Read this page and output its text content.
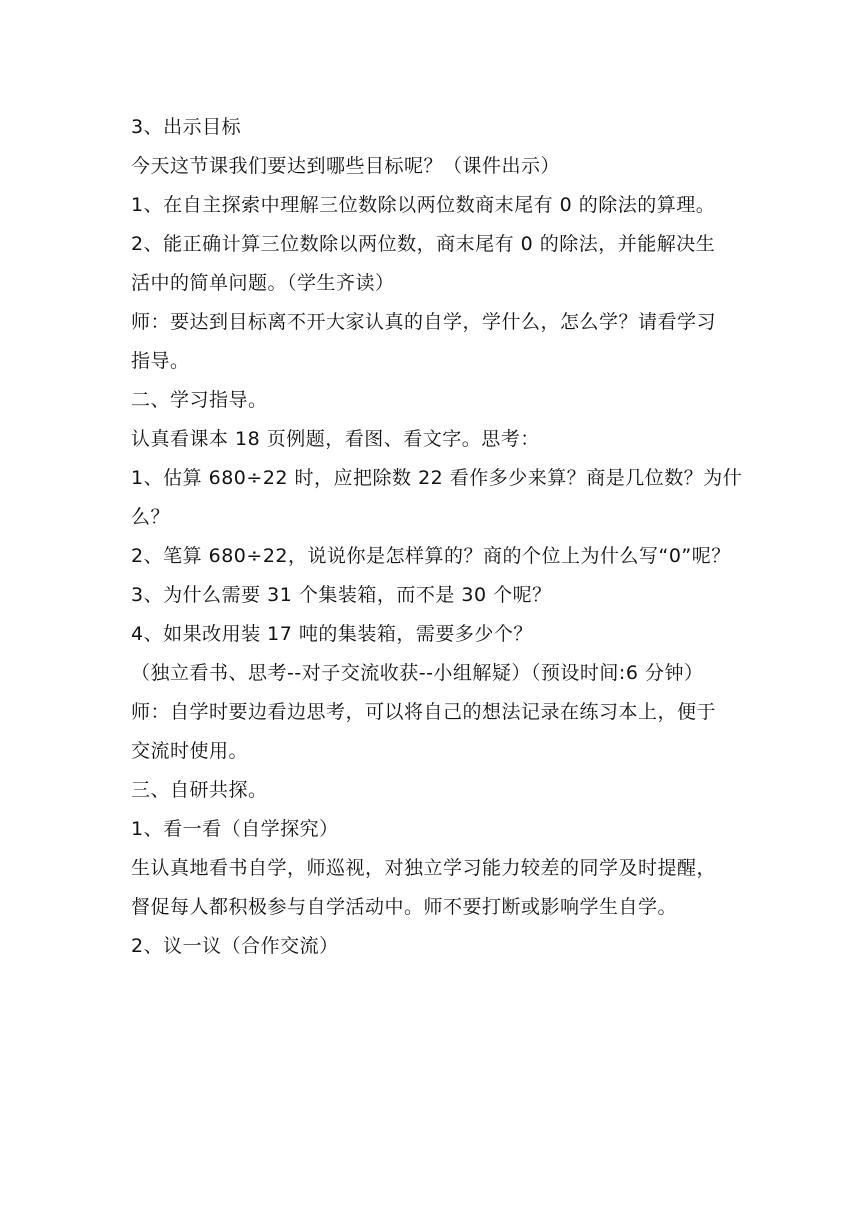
3、出示目标
今天这节课我们要达到哪些目标呢？（课件出示）
1、在自主探索中理解三位数除以两位数商末尾有 0 的除法的算理。
2、能正确计算三位数除以两位数，商末尾有 0 的除法，并能解决生
活中的简单问题。（学生齐读）
师：要达到目标离不开大家认真的自学，学什么，怎么学？请看学习
指导。
二、学习指导。
认真看课本 18 页例题，看图、看文字。思考：
1、估算 680÷22 时，应把除数 22 看作多少来算？商是几位数？为什
么？
2、笔算 680÷22，说说你是怎样算的？商的个位上为什么写“0”呢？
3、为什么需要 31 个集装箱，而不是 30 个呢？
4、如果改用装 17 吨的集装箱，需要多少个？
（独立看书、思考--对子交流收获--小组解疑）（预设时间:6 分钟）
师：自学时要边看边思考，可以将自己的想法记录在练习本上，便于
交流时使用。
三、自研共探。
1、看一看（自学探究）
生认真地看书自学，师巡视，对独立学习能力较差的同学及时提醒，
督促每人都积极参与自学活动中。师不要打断或影响学生自学。
2、议一议（合作交流）
